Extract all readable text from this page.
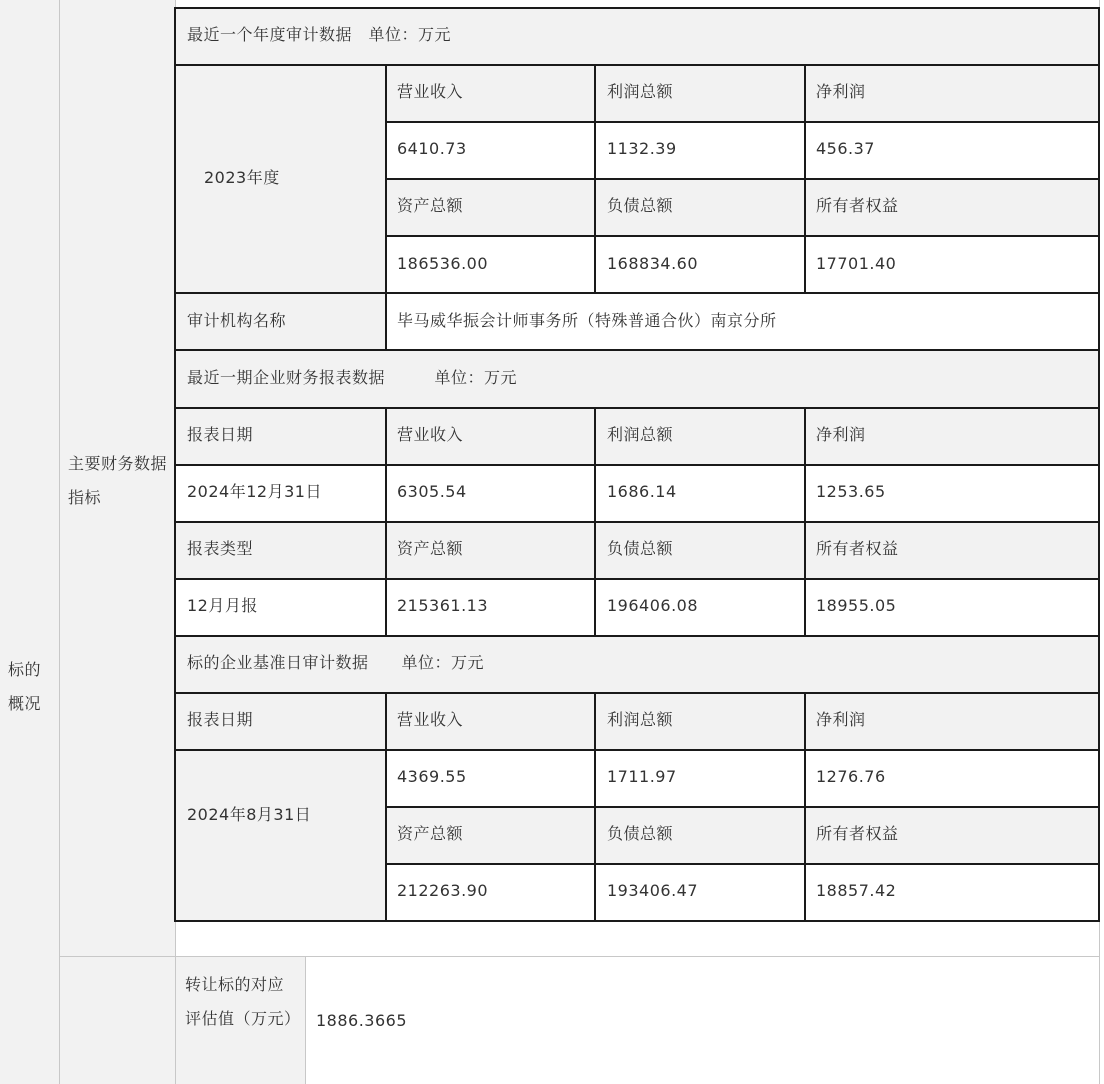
标的概况
主要财务数据指标
最近一个年度审计数据　单位：万元
2023年度
营业收入	利润总额	净利润
6410.73	1132.39	456.37
资产总额	负债总额	所有者权益
186536.00	168834.60	17701.40
审计机构名称	毕马威华振会计师事务所（特殊普通合伙）南京分所
最近一期企业财务报表数据　　　单位：万元
报表日期	营业收入	利润总额	净利润
2024年12月31日	6305.54	1686.14	1253.65
报表类型	资产总额	负债总额	所有者权益
12月月报	215361.13	196406.08	18955.05
标的企业基准日审计数据　　单位：万元
报表日期	营业收入	利润总额	净利润
2024年8月31日
4369.55	1711.97	1276.76
资产总额	负债总额	所有者权益
212263.90	193406.47	18857.42
转让标的对应评估值（万元） 1886.3665
